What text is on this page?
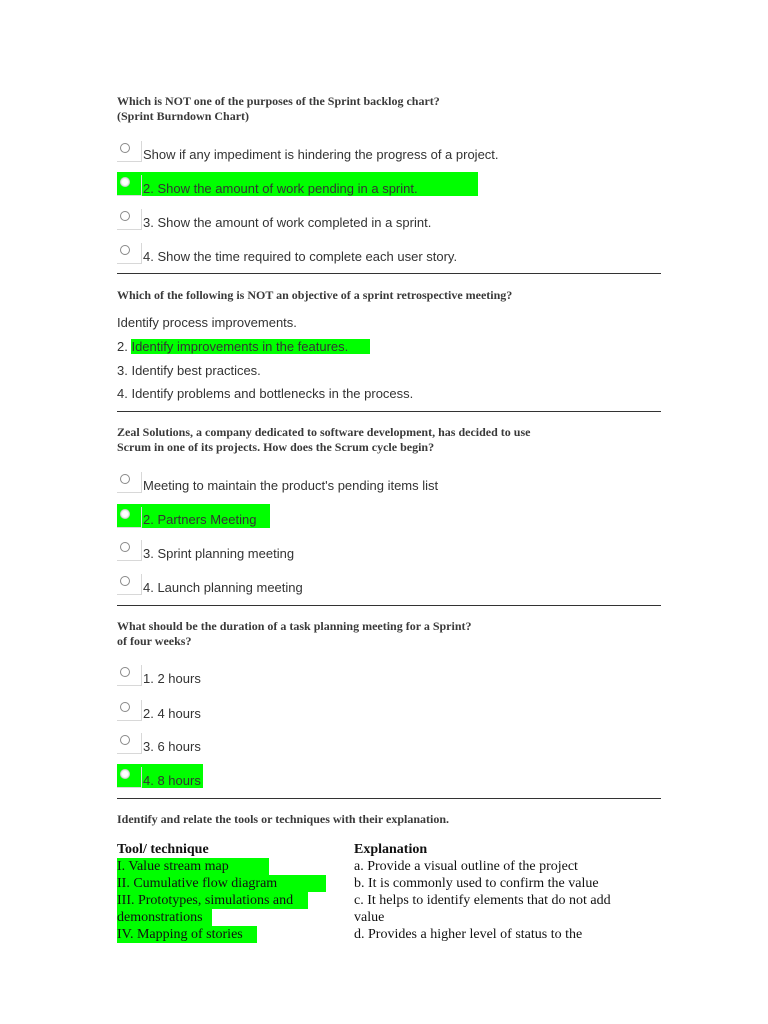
Which is NOT one of the purposes of the Sprint backlog chart?
(Sprint Burndown Chart)
Show if any impediment is hindering the progress of a project.
2. Show the amount of work pending in a sprint.
3. Show the amount of work completed in a sprint.
4. Show the time required to complete each user story.
Which of the following is NOT an objective of a sprint retrospective meeting?
Identify process improvements.
2. Identify improvements in the features.
3. Identify best practices.
4. Identify problems and bottlenecks in the process.
Zeal Solutions, a company dedicated to software development, has decided to use
Scrum in one of its projects. How does the Scrum cycle begin?
Meeting to maintain the product's pending items list
2. Partners Meeting
3. Sprint planning meeting
4. Launch planning meeting
What should be the duration of a task planning meeting for a Sprint?
of four weeks?
1. 2 hours
2. 4 hours
3. 6 hours
4. 8 hours
Identify and relate the tools or techniques with their explanation.
Tool/ technique	Explanation
I. Value stream map
II. Cumulative flow diagram
III. Prototypes, simulations and
demonstrations
IV. Mapping of stories
a. Provide a visual outline of the project
b. It is commonly used to confirm the value
c. It helps to identify elements that do not add
value
d. Provides a higher level of status to the
